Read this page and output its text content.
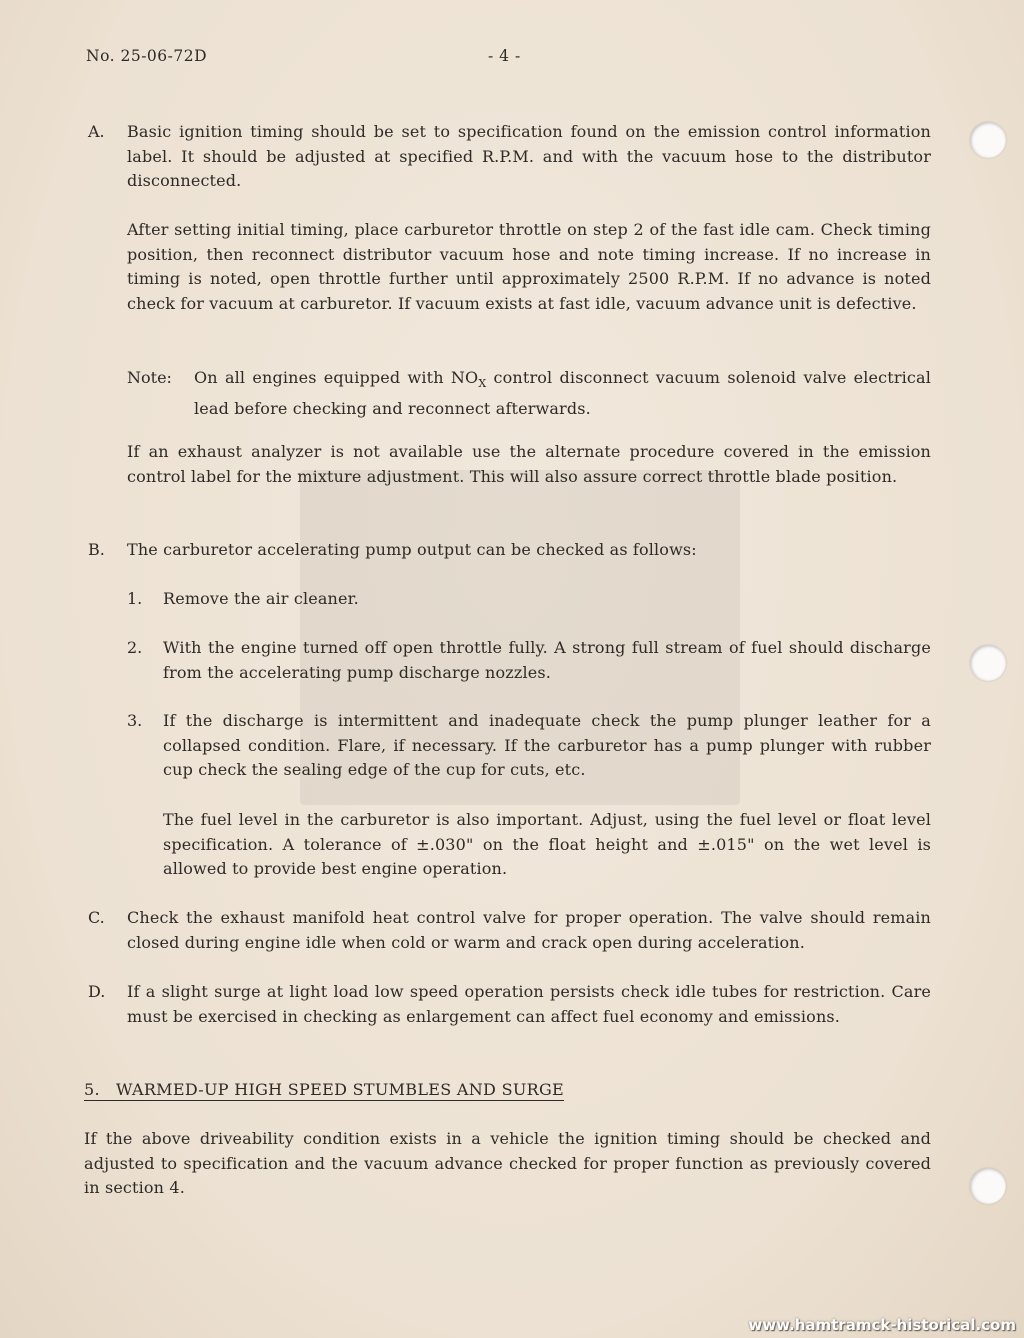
No. 25-06-72D	- 4 -
A. Basic ignition timing should be set to specification found on the emission control information label. It should be adjusted at specified R.P.M. and with the vacuum hose to the distributor disconnected.

After setting initial timing, place carburetor throttle on step 2 of the fast idle cam. Check timing position, then reconnect distributor vacuum hose and note timing increase. If no increase in timing is noted, open throttle further until approximately 2500 R.P.M. If no advance is noted check for vacuum at carburetor. If vacuum exists at fast idle, vacuum advance unit is defective.

Note: On all engines equipped with $NO_X$ control disconnect vacuum solenoid valve electrical lead before checking and reconnect afterwards.

If an exhaust analyzer is not available use the alternate procedure covered in the emission control label for the mixture adjustment. This will also assure correct throttle blade position.

B. The carburetor accelerating pump output can be checked as follows:

1. Remove the air cleaner.

2. With the engine turned off open throttle fully. A strong full stream of fuel should discharge from the accelerating pump discharge nozzles.

3. If the discharge is intermittent and inadequate check the pump plunger leather for a collapsed condition. Flare, if necessary. If the carburetor has a pump plunger with rubber cup check the sealing edge of the cup for cuts, etc.

The fuel level in the carburetor is also important. Adjust, using the fuel level or float level specification. A tolerance of ±.030" on the float height and ±.015" on the wet level is allowed to provide best engine operation.

C. Check the exhaust manifold heat control valve for proper operation. The valve should remain closed during engine idle when cold or warm and crack open during acceleration.

D. If a slight surge at light load low speed operation persists check idle tubes for restriction. Care must be exercised in checking as enlargement can affect fuel economy and emissions.

5.   WARMED-UP HIGH SPEED STUMBLES AND SURGE

If the above driveability condition exists in a vehicle the ignition timing should be checked and adjusted to specification and the vacuum advance checked for proper function as previously covered in section 4.

www.hamtramck-historical.com
